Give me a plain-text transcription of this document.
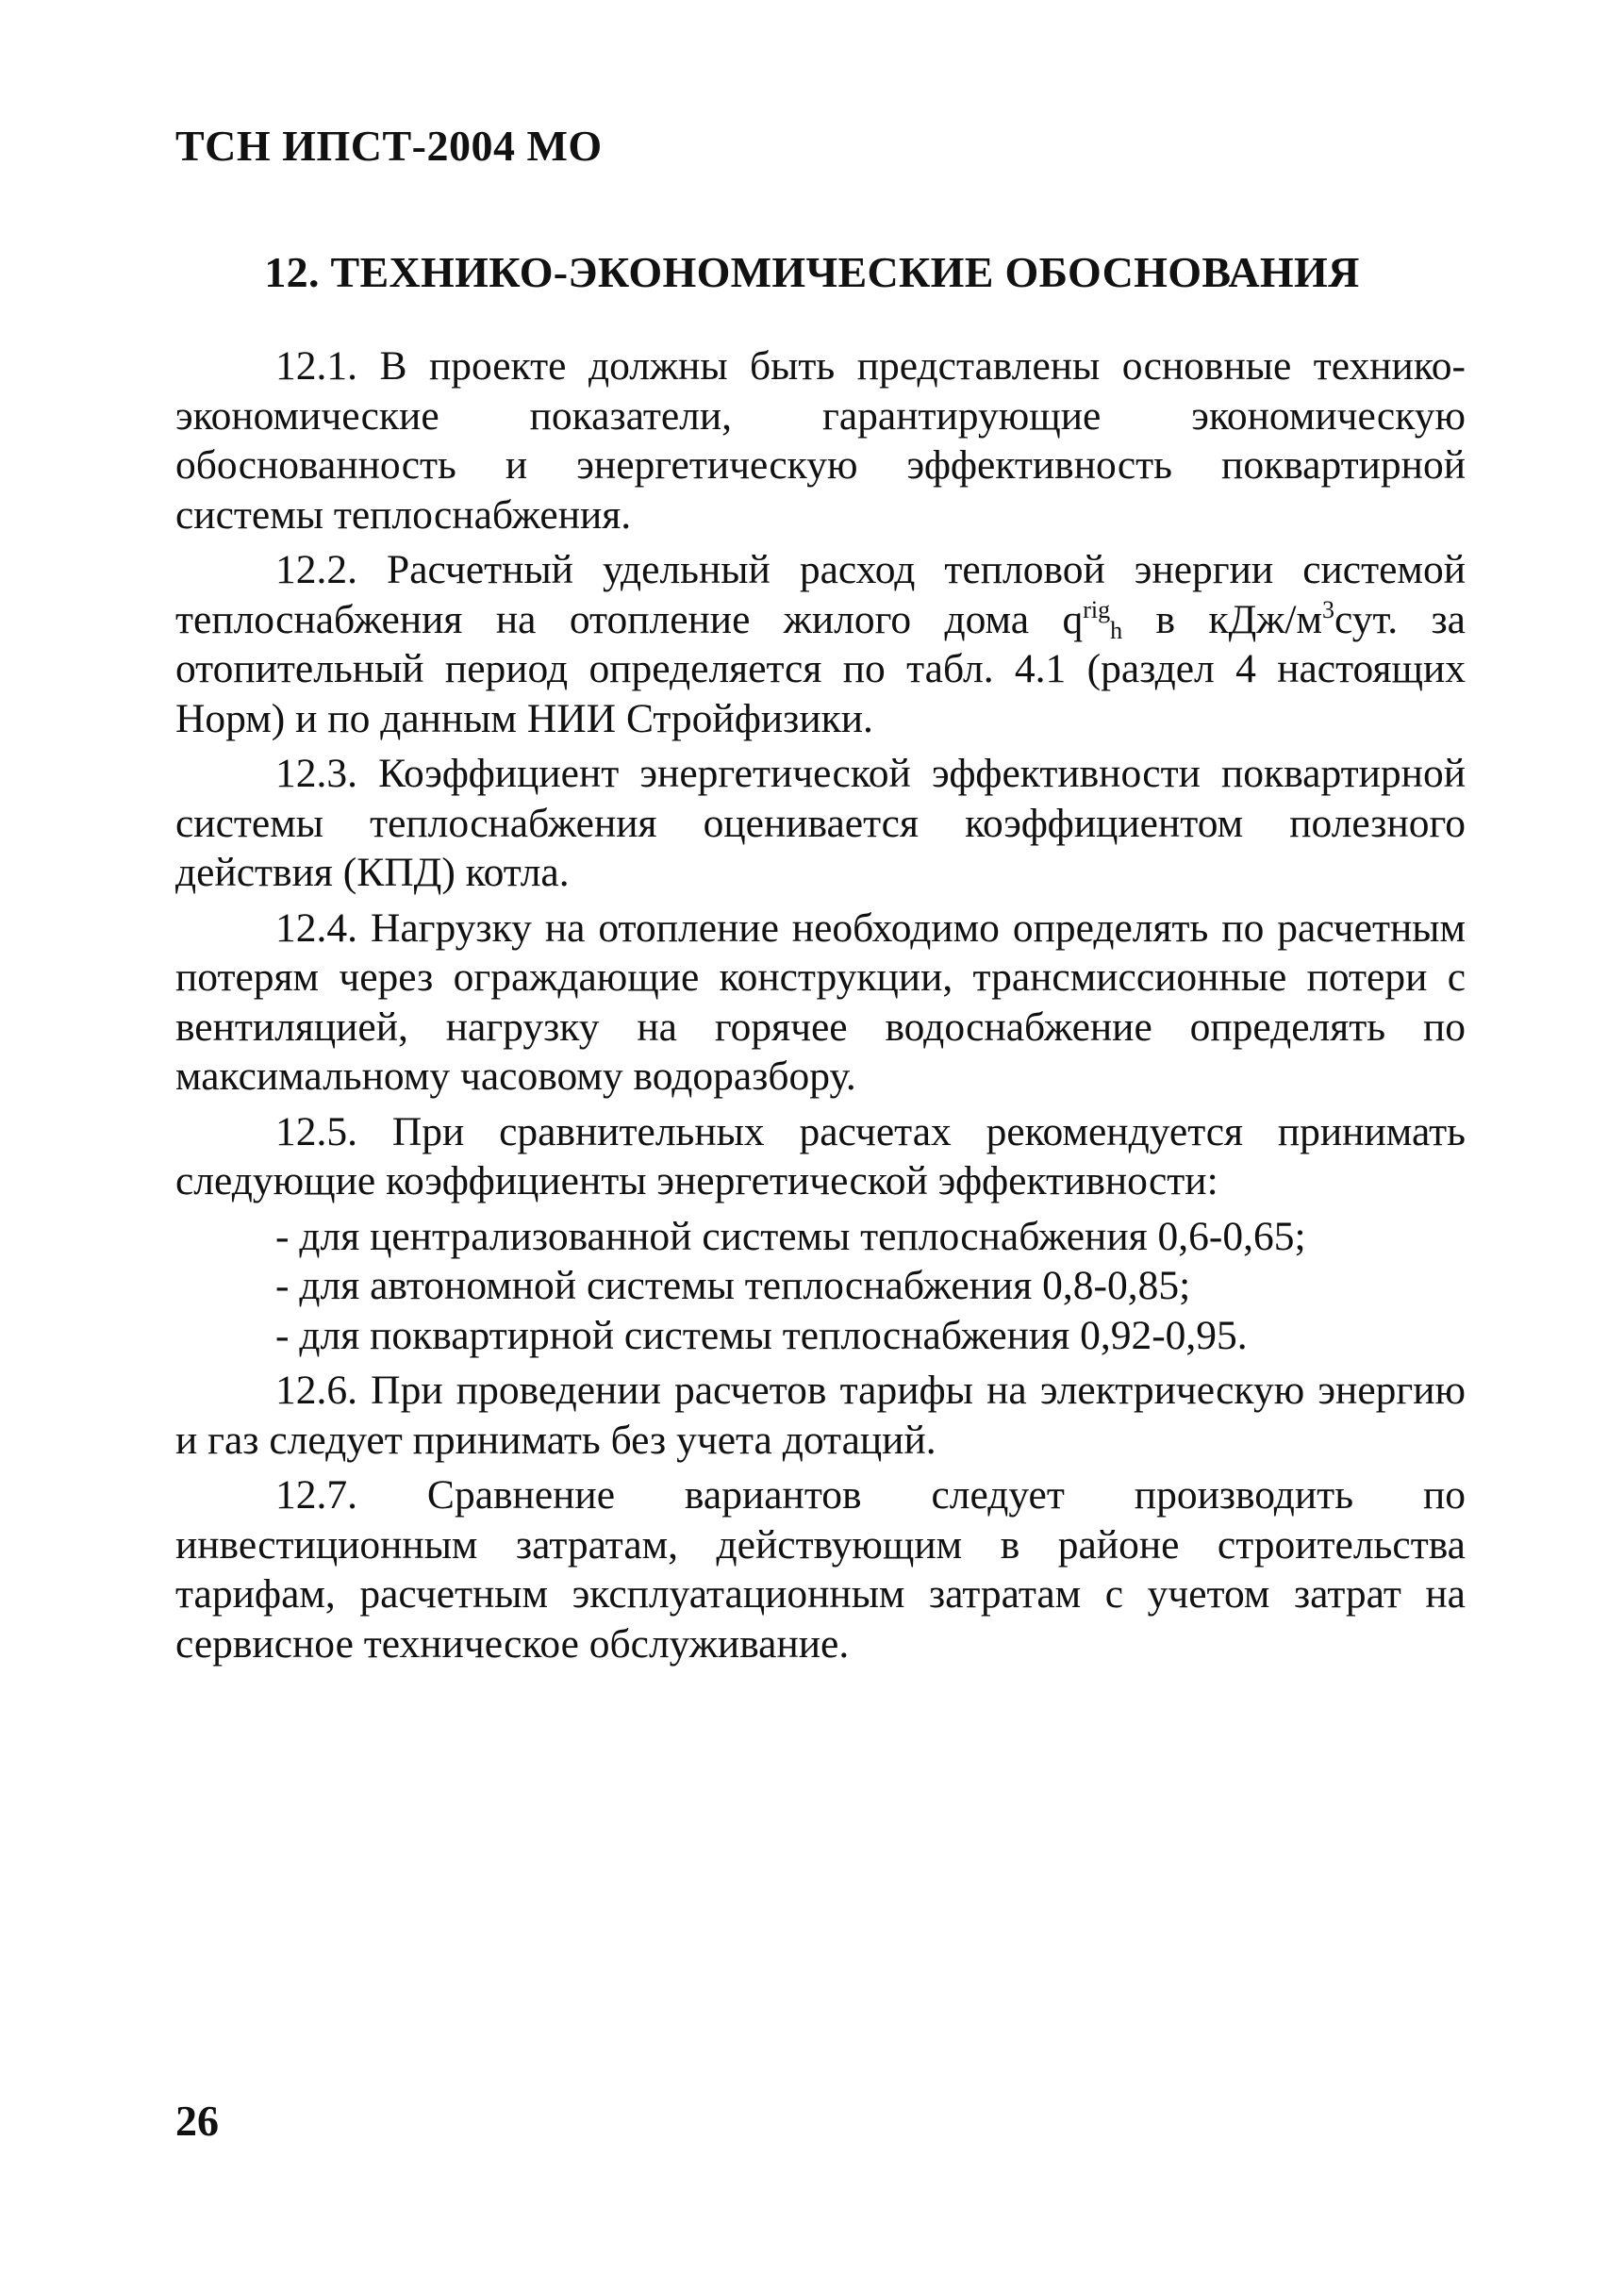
ТСН ИПСТ-2004 МО
12. ТЕХНИКО-ЭКОНОМИЧЕСКИЕ ОБОСНОВАНИЯ

12.1. В проекте должны быть представлены основные технико-экономические показатели, гарантирующие экономическую обоснованность и энергетическую эффективность поквартирной системы теплоснабжения.

12.2. Расчетный удельный расход тепловой энергии системой теплоснабжения на отопление жилого дома $q^{rig}_h$ в кДж/$м^3сут$. за отопительный период определяется по табл. 4.1 (раздел 4 настоящих Норм) и по данным НИИ Стройфизики.

12.3. Коэффициент энергетической эффективности поквартирной системы теплоснабжения оценивается коэффициентом полезного действия (КПД) котла.

12.4. Нагрузку на отопление необходимо определять по расчетным потерям через ограждающие конструкции, трансмиссионные потери с вентиляцией, нагрузку на горячее водоснабжение определять по максимальному часовому водоразбору.

12.5. При сравнительных расчетах рекомендуется принимать следующие коэффициенты энергетической эффективности:

- для централизованной системы теплоснабжения 0,6-0,65;

- для автономной системы теплоснабжения 0,8-0,85;

- для поквартирной системы теплоснабжения 0,92-0,95.

12.6. При проведении расчетов тарифы на электрическую энергию и газ следует принимать без учета дотаций.

12.7. Сравнение вариантов следует производить по инвестиционным затратам, действующим в районе строительства тарифам, расчетным эксплуатационным затратам с учетом затрат на сервисное техническое обслуживание.

26
